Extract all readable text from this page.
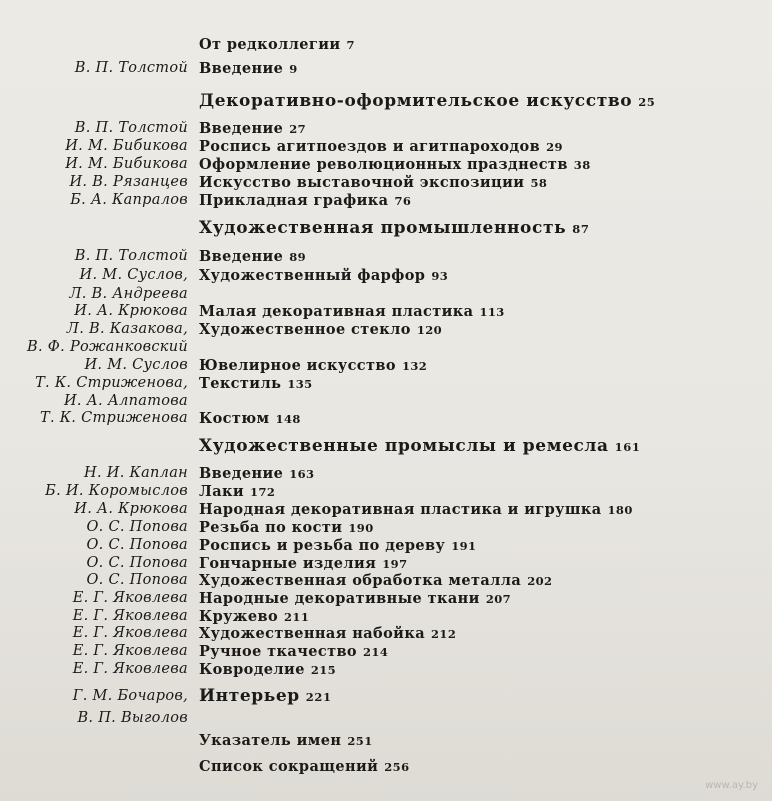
От редколлегии 7
В. П. Толстой Введение 9
Декоративно-оформительское искусство 25
В. П. Толстой Введение 27
И. М. Бибикова Роспись агитпоездов и агитпароходов 29
И. М. Бибикова Оформление революционных празднеств 38
И. В. Рязанцев Искусство выставочной экспозиции 58
Б. А. Капралов Прикладная графика 76
Художественная промышленность 87
В. П. Толстой Введение 89
И. М. Суслов, Художественный фарфор 93
Л. В. Андреева
И. А. Крюкова Малая декоративная пластика 113
Л. В. Казакова, Художественное стекло 120
В. Ф. Рожанковский
И. М. Суслов Ювелирное искусство 132
Т. К. Стриженова, Текстиль 135
И. А. Алпатова
Т. К. Стриженова Костюм 148
Художественные промыслы и ремесла 161
Н. И. Каплан Введение 163
Б. И. Коромыслов Лаки 172
И. А. Крюкова Народная декоративная пластика и игрушка 180
О. С. Попова Резьба по кости 190
О. С. Попова Роспись и резьба по дереву 191
О. С. Попова Гончарные изделия 197
О. С. Попова Художественная обработка металла 202
Е. Г. Яковлева Народные декоративные ткани 207
Е. Г. Яковлева Кружево 211
Е. Г. Яковлева Художественная набойка 212
Е. Г. Яковлева Ручное ткачество 214
Е. Г. Яковлева Ковроделие 215
Г. М. Бочаров, Интерьер 221
В. П. Выголов
Указатель имен 251
Список сокращений 256
www.ay.by
